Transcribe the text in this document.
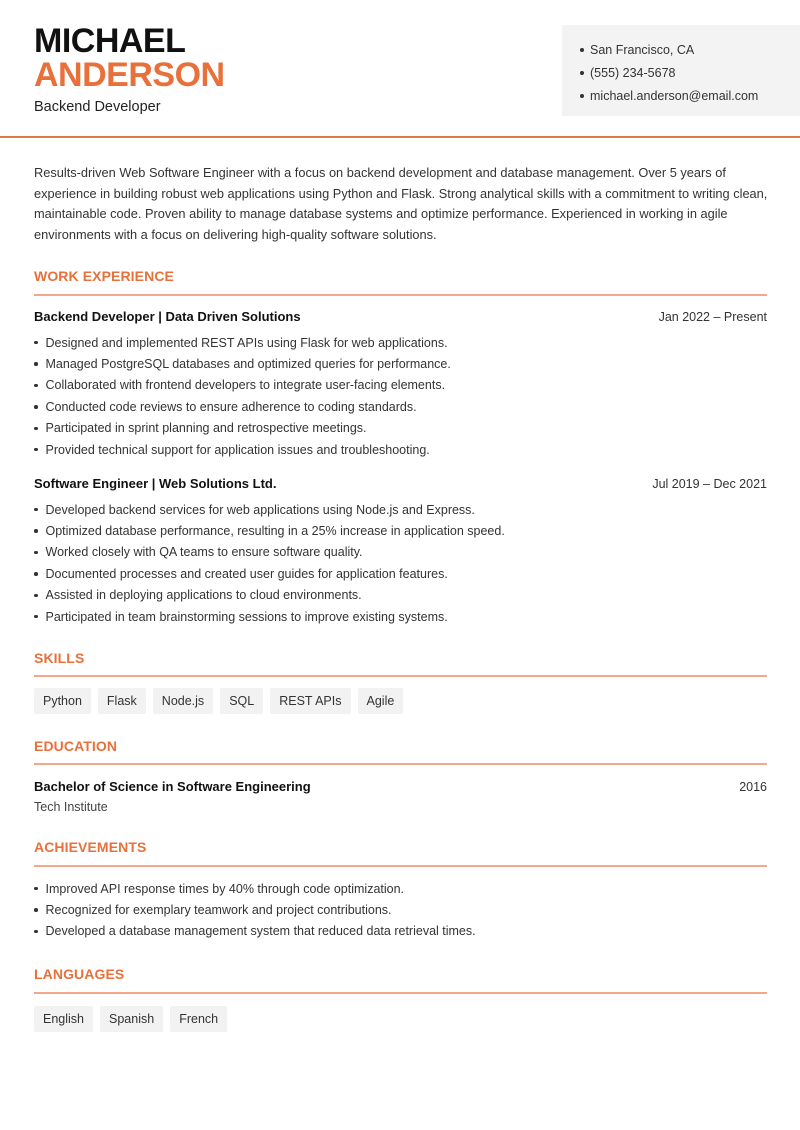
MICHAEL
ANDERSON
Backend Developer
San Francisco, CA
(555) 234-5678
michael.anderson@email.com

Results-driven Web Software Engineer with a focus on backend development and database management. Over 5 years of experience in building robust web applications using Python and Flask. Strong analytical skills with a commitment to writing clean, maintainable code. Proven ability to manage database systems and optimize performance. Experienced in working in agile environments with a focus on delivering high-quality software solutions.

WORK EXPERIENCE
Backend Developer | Data Driven Solutions	Jan 2022 – Present
Designed and implemented REST APIs using Flask for web applications.
Managed PostgreSQL databases and optimized queries for performance.
Collaborated with frontend developers to integrate user-facing elements.
Conducted code reviews to ensure adherence to coding standards.
Participated in sprint planning and retrospective meetings.
Provided technical support for application issues and troubleshooting.
Software Engineer | Web Solutions Ltd.	Jul 2019 – Dec 2021
Developed backend services for web applications using Node.js and Express.
Optimized database performance, resulting in a 25% increase in application speed.
Worked closely with QA teams to ensure software quality.
Documented processes and created user guides for application features.
Assisted in deploying applications to cloud environments.
Participated in team brainstorming sessions to improve existing systems.
SKILLS
Python	Flask	Node.js	SQL	REST APIs	Agile
EDUCATION
Bachelor of Science in Software Engineering	2016
Tech Institute
ACHIEVEMENTS
Improved API response times by 40% through code optimization.
Recognized for exemplary teamwork and project contributions.
Developed a database management system that reduced data retrieval times.
LANGUAGES
English	Spanish	French
